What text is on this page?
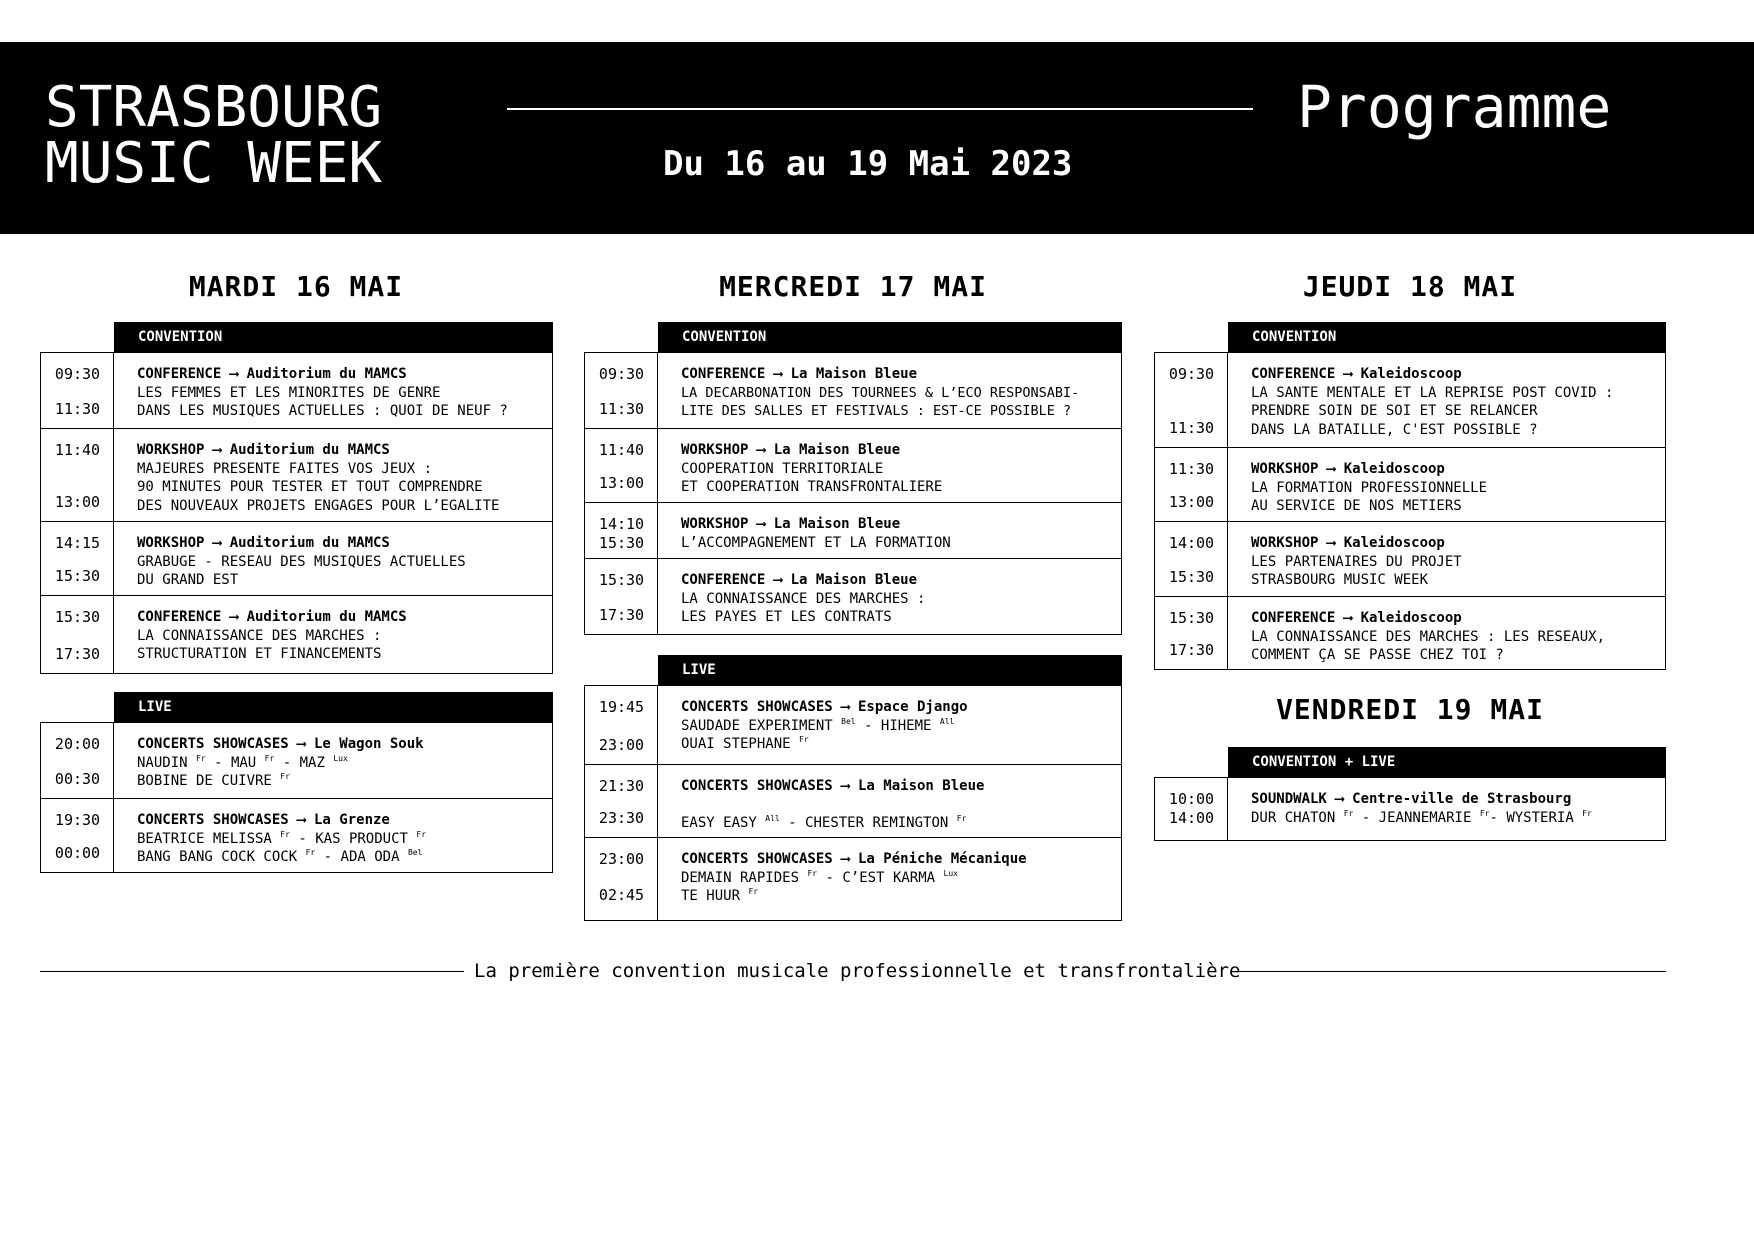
STRASBOURG
MUSIC WEEK
Programme
Du 16 au 19 Mai 2023
MARDI 16 MAI
CONVENTION
09:30
11:30
CONFERENCE ⟶ Auditorium du MAMCS
LES FEMMES ET LES MINORITES DE GENRE
DANS LES MUSIQUES ACTUELLES : QUOI DE NEUF ?
11:40
13:00
WORKSHOP ⟶ Auditorium du MAMCS
MAJEURES PRESENTE FAITES VOS JEUX :
90 MINUTES POUR TESTER ET TOUT COMPRENDRE
DES NOUVEAUX PROJETS ENGAGES POUR L’EGALITE
14:15
15:30
WORKSHOP ⟶ Auditorium du MAMCS
GRABUGE - RESEAU DES MUSIQUES ACTUELLES
DU GRAND EST
15:30
17:30
CONFERENCE ⟶ Auditorium du MAMCS
LA CONNAISSANCE DES MARCHES :
STRUCTURATION ET FINANCEMENTS
LIVE
20:00
00:30
CONCERTS SHOWCASES ⟶ Le Wagon Souk
NAUDIN $^{Fr}$ - MAU $^{Fr}$ - MAZ $^{Lux}$
BOBINE DE CUIVRE $^{Fr}$
19:30
00:00
CONCERTS SHOWCASES ⟶ La Grenze
BEATRICE MELISSA $^{Fr}$ - KAS PRODUCT $^{Fr}$
BANG BANG COCK COCK $^{Fr}$ - ADA ODA $^{Bel}$
MERCREDI 17 MAI
CONVENTION
09:30
11:30
CONFERENCE ⟶ La Maison Bleue
LA DECARBONATION DES TOURNEES & L’ECO RESPONSABI-
LITE DES SALLES ET FESTIVALS : EST-CE POSSIBLE ?
11:40
13:00
WORKSHOP ⟶ La Maison Bleue
COOPERATION TERRITORIALE
ET COOPERATION TRANSFRONTALIERE
14:10
15:30
WORKSHOP ⟶ La Maison Bleue
L’ACCOMPAGNEMENT ET LA FORMATION
15:30
17:30
CONFERENCE ⟶ La Maison Bleue
LA CONNAISSANCE DES MARCHES :
LES PAYES ET LES CONTRATS
LIVE
19:45
23:00
CONCERTS SHOWCASES ⟶ Espace Django
SAUDADE EXPERIMENT $^{Bel}$ - HIHEME $^{All}$
OUAI STEPHANE $^{Fr}$
21:30
23:30
CONCERTS SHOWCASES ⟶ La Maison Bleue
EASY EASY $^{All}$ - CHESTER REMINGTON $^{Fr}$
23:00
02:45
CONCERTS SHOWCASES ⟶ La Péniche Mécanique
DEMAIN RAPIDES $^{Fr}$ - C’EST KARMA $^{Lux}$
TE HUUR $^{Fr}$
JEUDI 18 MAI
CONVENTION
09:30
11:30
CONFERENCE ⟶ Kaleidoscoop
LA SANTE MENTALE ET LA REPRISE POST COVID :
PRENDRE SOIN DE SOI ET SE RELANCER
DANS LA BATAILLE, C'EST POSSIBLE ?
11:30
13:00
WORKSHOP ⟶ Kaleidoscoop
LA FORMATION PROFESSIONNELLE
AU SERVICE DE NOS METIERS
14:00
15:30
WORKSHOP ⟶ Kaleidoscoop
LES PARTENAIRES DU PROJET
STRASBOURG MUSIC WEEK
15:30
17:30
CONFERENCE ⟶ Kaleidoscoop
LA CONNAISSANCE DES MARCHES : LES RESEAUX,
COMMENT ÇA SE PASSE CHEZ TOI ?
VENDREDI 19 MAI
CONVENTION + LIVE
10:00
14:00
SOUNDWALK ⟶ Centre-ville de Strasbourg
DUR CHATON $^{Fr}$ - JEANNEMARIE $^{Fr}$- WYSTERIA $^{Fr}$
La première convention musicale professionnelle et transfrontalière
